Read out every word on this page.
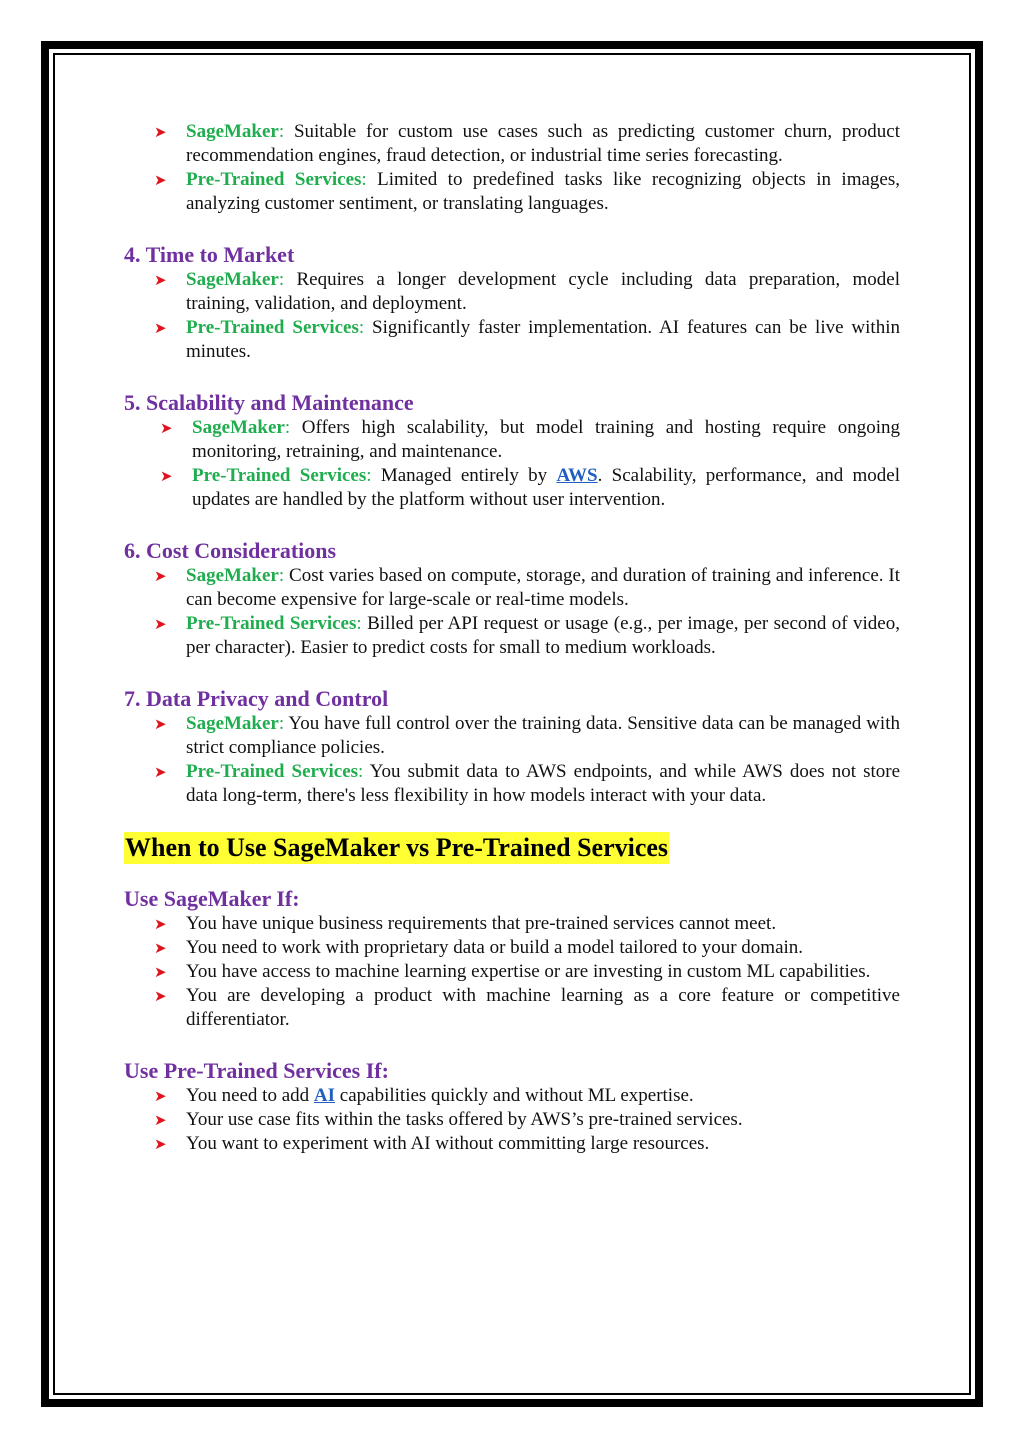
➤ SageMaker: Suitable for custom use cases such as predicting customer churn, product recommendation engines, fraud detection, or industrial time series forecasting.
➤ Pre-Trained Services: Limited to predefined tasks like recognizing objects in images, analyzing customer sentiment, or translating languages.
4. Time to Market
➤ SageMaker: Requires a longer development cycle including data preparation, model training, validation, and deployment.
➤ Pre-Trained Services: Significantly faster implementation. AI features can be live within minutes.
5. Scalability and Maintenance
➤ SageMaker: Offers high scalability, but model training and hosting require ongoing monitoring, retraining, and maintenance.
➤ Pre-Trained Services: Managed entirely by AWS. Scalability, performance, and model updates are handled by the platform without user intervention.
6. Cost Considerations
➤ SageMaker: Cost varies based on compute, storage, and duration of training and inference. It can become expensive for large-scale or real-time models.
➤ Pre-Trained Services: Billed per API request or usage (e.g., per image, per second of video, per character). Easier to predict costs for small to medium workloads.
7. Data Privacy and Control
➤ SageMaker: You have full control over the training data. Sensitive data can be managed with strict compliance policies.
➤ Pre-Trained Services: You submit data to AWS endpoints, and while AWS does not store data long-term, there's less flexibility in how models interact with your data.
When to Use SageMaker vs Pre-Trained Services
Use SageMaker If:
➤ You have unique business requirements that pre-trained services cannot meet.
➤ You need to work with proprietary data or build a model tailored to your domain.
➤ You have access to machine learning expertise or are investing in custom ML capabilities.
➤ You are developing a product with machine learning as a core feature or competitive differentiator.
Use Pre-Trained Services If:
➤ You need to add AI capabilities quickly and without ML expertise.
➤ Your use case fits within the tasks offered by AWS’s pre-trained services.
➤ You want to experiment with AI without committing large resources.
